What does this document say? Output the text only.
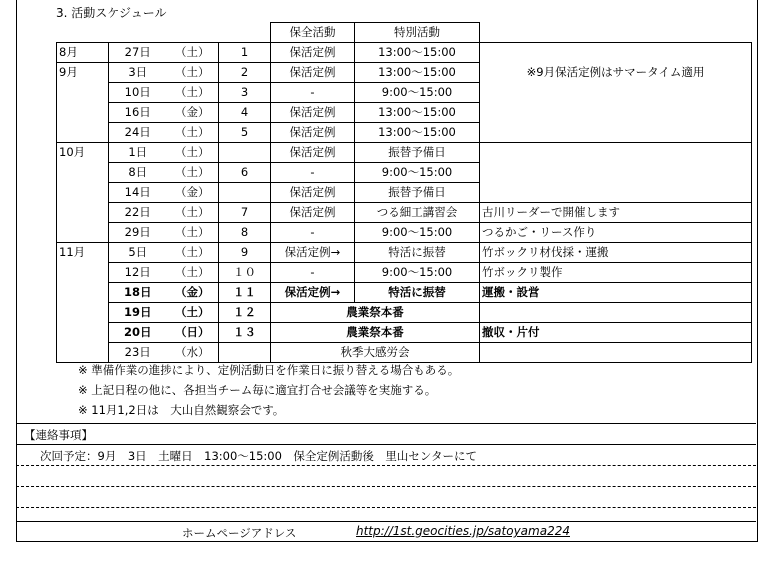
3. 活動スケジュール
				保全活動	特別活動	
8月	27日	（土）	1	保活定例	13:00～15:00	
9月	3日	（土）	2	保活定例	13:00～15:00	※9月保活定例はサマータイム適用
	10日	（土）	3	-	9:00～15:00	
	16日	（金）	4	保活定例	13:00～15:00	
	24日	（土）	5	保活定例	13:00～15:00	
10月	1日	（土）		保活定例	振替予備日	
	8日	（土）	6	-	9:00～15:00	
	14日	（金）		保活定例	振替予備日	
	22日	（土）	7	保活定例	つる細工講習会	古川リーダーで開催します
	29日	（土）	8	-	9:00～15:00	つるかご・リース作り
11月	5日	（土）	9	保活定例→	特活に振替	竹ボックリ材伐採・運搬
	12日	（土）	１０	-	9:00～15:00	竹ボックリ製作
	18日	（金）	１１	保活定例→	特活に振替	運搬・設営
	19日	（土）	１２	農業祭本番		
	20日	（日）	１３	農業祭本番		撤収・片付
	23日	（水）		秋季大感労会		
※ 準備作業の進捗により、定例活動日を作業日に振り替える場合もある。
※ 上記日程の他に、各担当チーム毎に適宜打合せ会議等を実施する。
※ 11月1,2日は　大山自然観察会です。
【連絡事項】
次回予定：9月　3日　土曜日　13:00～15:00　保全定例活動後　里山センターにて
ホームページアドレス	http://1st.geocities.jp/satoyama224
